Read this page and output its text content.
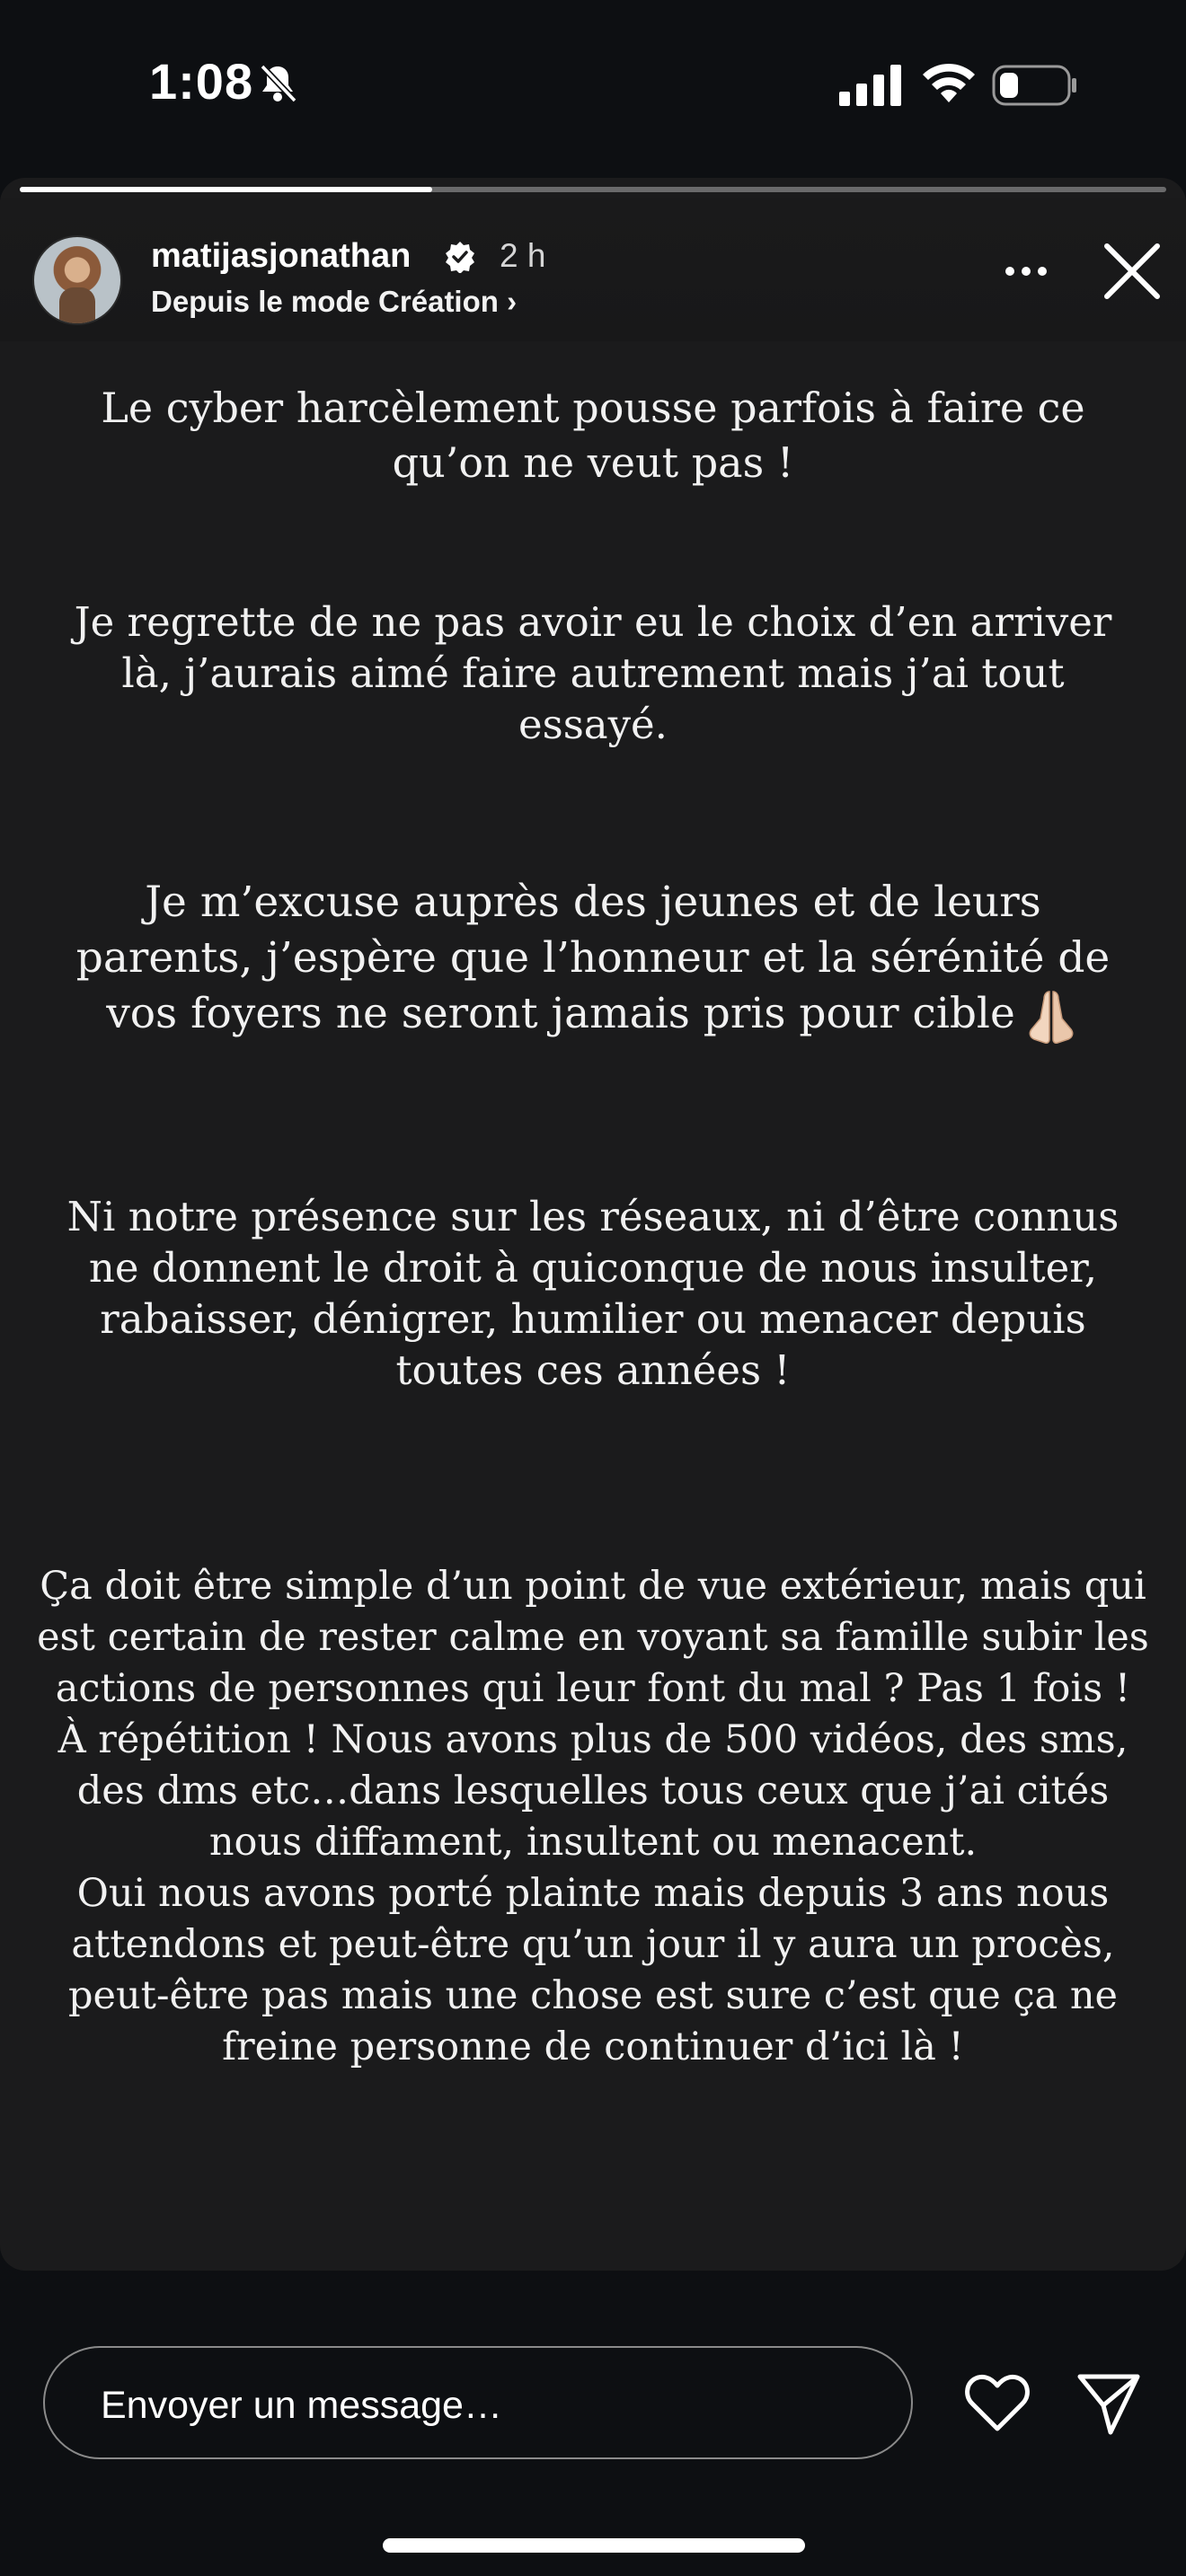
1:08
matijasjonathan	2 h
Depuis le mode Création ›
Le cyber harcèlement pousse parfois à faire ce qu’on ne veut pas !
Je regrette de ne pas avoir eu le choix d’en arriver là, j’aurais aimé faire autrement mais j’ai tout essayé.
Je m’excuse auprès des jeunes et de leurs parents, j’espère que l’honneur et la sérénité de vos foyers ne seront jamais pris pour cible
Ni notre présence sur les réseaux, ni d’être connus ne donnent le droit à quiconque de nous insulter, rabaisser, dénigrer, humilier ou menacer depuis toutes ces années !
Ça doit être simple d’un point de vue extérieur, mais qui est certain de rester calme en voyant sa famille subir les actions de personnes qui leur font du mal ? Pas 1 fois ! À répétition ! Nous avons plus de 500 vidéos, des sms, des dms etc…dans lesquelles tous ceux que j’ai cités nous diffament, insultent ou menacent.
Oui nous avons porté plainte mais depuis 3 ans nous attendons et peut-être qu’un jour il y aura un procès, peut-être pas mais une chose est sure c’est que ça ne freine personne de continuer d’ici là !
Envoyer un message…
